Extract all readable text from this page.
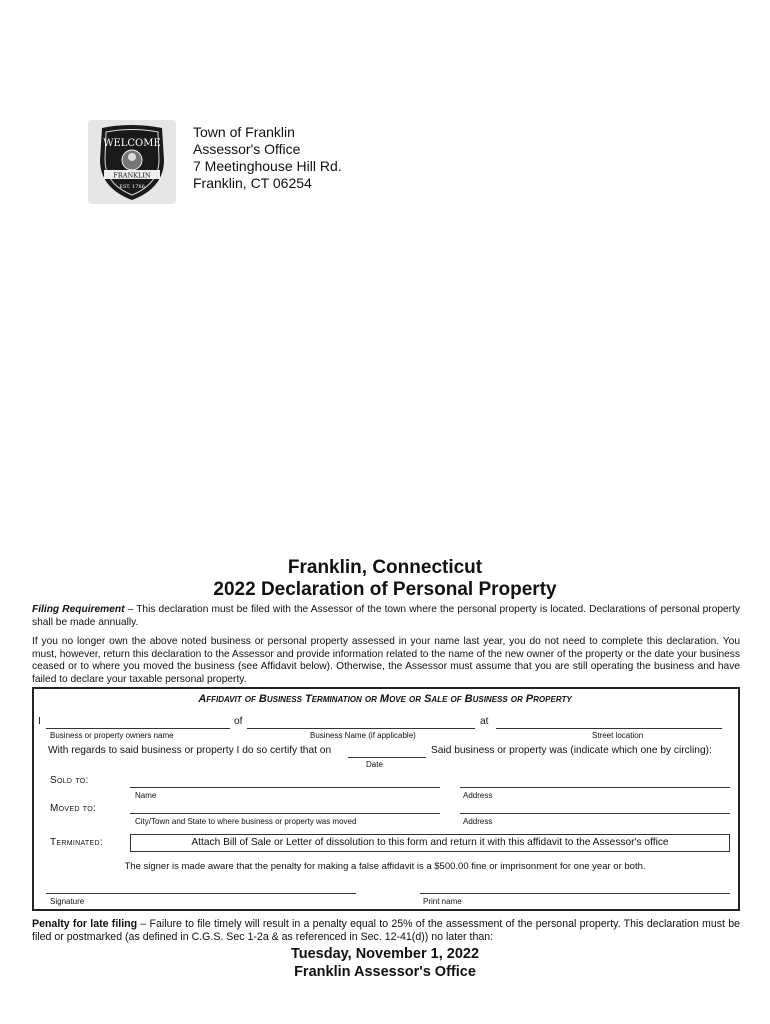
WELCOME
FRANKLIN
EST. 1786
Town of Franklin
Assessor's Office
7 Meetinghouse Hill Rd.
Franklin, CT 06254
Franklin, Connecticut
2022 Declaration of Personal Property
Filing Requirement – This declaration must be filed with the Assessor of the town where the personal property is located. Declarations of personal property shall be made annually.
If you no longer own the above noted business or personal property assessed in your name last year, you do not need to complete this declaration. You must, however, return this declaration to the Assessor and provide information related to the name of the new owner of the property or the date your business ceased or to where you moved the business (see Affidavit below). Otherwise, the Assessor must assume that you are still operating the business and have failed to declare your taxable personal property.
Affidavit of Business Termination or Move or Sale of Business or Property
I	of	at
Business or property owners name	Business Name (if applicable)	Street location
With regards to said business or property I do so certify that on	Said business or property was (indicate which one by circling):
Date
Sold to:
Name	Address
Moved to:
City/Town and State to where business or property was moved	Address
Terminated:	Attach Bill of Sale or Letter of dissolution to this form and return it with this affidavit to the Assessor's office
The signer is made aware that the penalty for making a false affidavit is a $500.00 fine or imprisonment for one year or both.
Signature	Print name
Penalty for late filing – Failure to file timely will result in a penalty equal to 25% of the assessment of the personal property. This declaration must be filed or postmarked (as defined in C.G.S. Sec 1-2a & as referenced in Sec. 12-41(d)) no later than:
Tuesday, November 1, 2022
Franklin Assessor's Office
